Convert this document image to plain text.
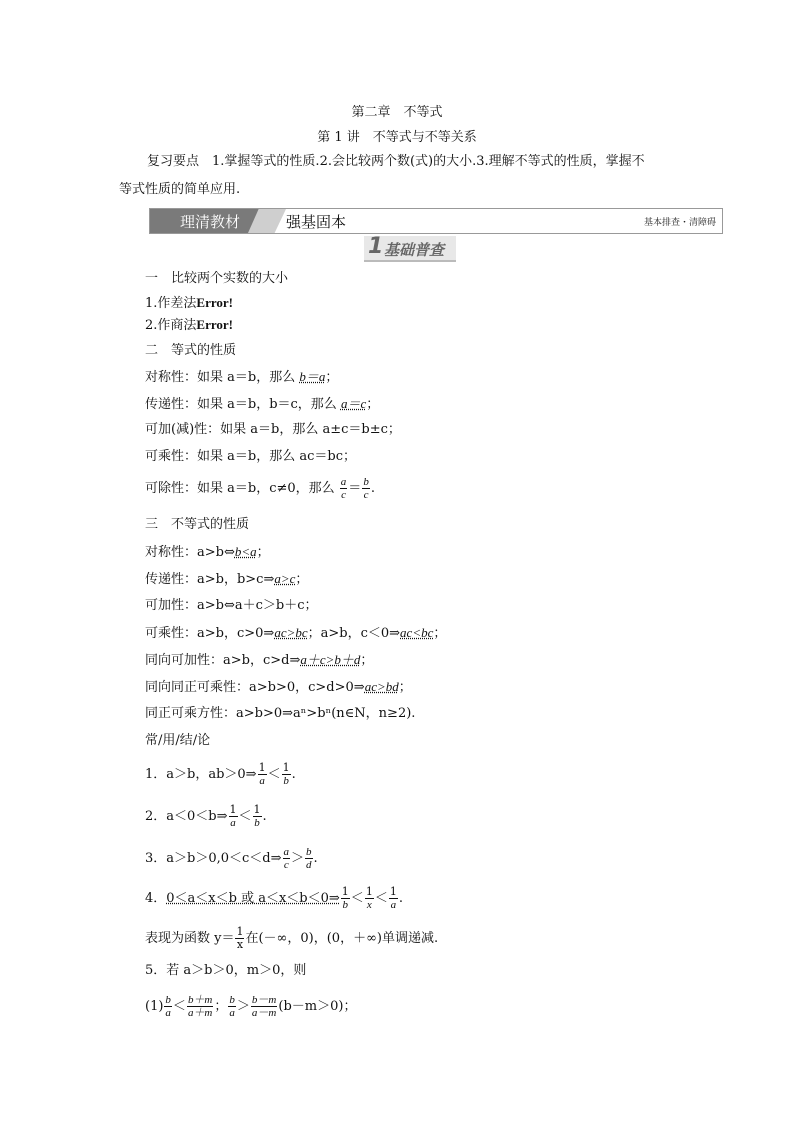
第二章　不等式
第 1 讲　不等式与不等关系
复习要点　 1.掌握等式的性质.2.会比较两个数(式)的大小.3.理解不等式的性质，掌握不
等式性质的简单应用.
理清教材	强基固本	基本排查・清障碍
1 基础普查
一　比较两个实数的大小
1.作差法Error!
2.作商法Error!
二　等式的性质
对称性：如果 a＝b，那么 b＝a；
传递性：如果 a＝b，b＝c，那么 a＝c；
可加(减)性：如果 a＝b，那么 a±c＝b±c；
可乘性：如果 a＝b，那么 ac＝bc；
可除性：如果 a＝b，c≠0，那么 $\frac{a}{c} = \frac{b}{c}$ .
三　不等式的性质
对称性：a>b⇔b<a；
传递性：a>b，b>c⇒a>c；
可加性：a>b⇔a＋c＞b＋c；
可乘性：a>b，c>0⇒ac>bc；a>b，c＜0⇒ac<bc；
同向可加性：a>b，c>d⇒a＋c>b＋d；
同向同正可乘性：a>b>0，c>d>0⇒ac>bd；
同正可乘方性：a>b>0⇒aⁿ>bⁿ(n∈N，n≥2).
常/用/结/论
1．a＞b，ab＞0⇒ $\frac{1}{a} < \frac{1}{b}$ .
2．a＜0＜b⇒ $\frac{1}{a} < \frac{1}{b}$ .
3．a＞b＞0,0＜c＜d⇒ $\frac{a}{c} > \frac{b}{d}$ .
4．0＜a＜x＜b 或 a＜x＜b＜0⇒ $\frac{1}{b} < \frac{1}{x} < \frac{1}{a}$ .
表现为函数 $y= \frac{1}{x}$ 在(－∞，0)，(0，＋∞)单调递减.
5．若 a＞b＞0，m＞0，则
$(1) \frac{b}{a} < \frac{b+m}{a+m}$ ； $\frac{b}{a} > \frac{b-m}{a-m} (b-m>0)$；
